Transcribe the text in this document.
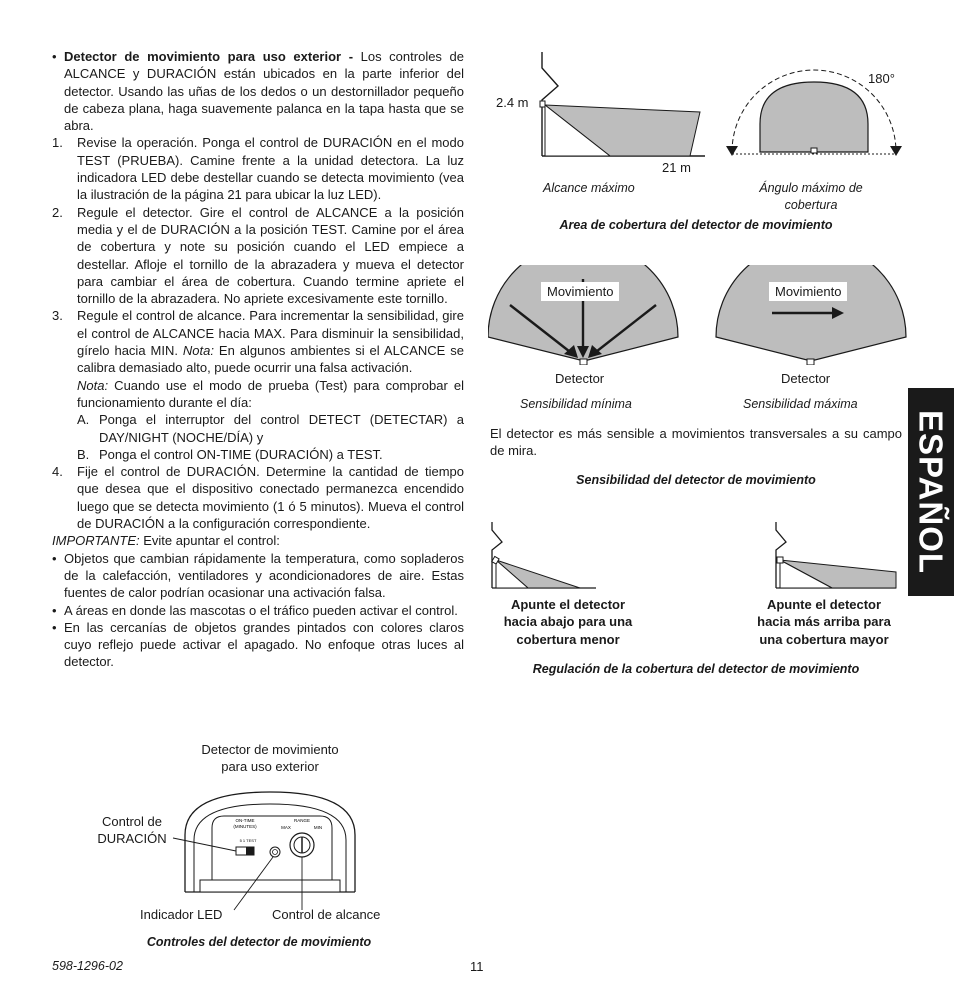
• Detector de movimiento para uso exterior - Los controles de ALCANCE y DURACIÓN están ubicados en la parte inferior del detector. Usando las uñas de los dedos o un destornillador pequeño de cabeza plana, haga suavemente palanca en la tapa hasta que se abra.
1. Revise la operación. Ponga el control de DURACIÓN en el modo TEST (PRUEBA). Camine frente a la unidad detectora. La luz indicadora LED debe destellar cuando se detecta movimiento (vea la ilustración de la página 21 para ubicar la luz LED).
2. Regule el detector. Gire el control de ALCANCE a la posición media y el de DURACIÓN a la posición TEST. Camine por el área de cobertura y note su posición cuando el LED empiece a destellar. Afloje el tornillo de la abrazadera y mueva el detector para cambiar el área de cobertura. Cuando termine apriete el tornillo de la abrazadera. No apriete excesivamente este tornillo.
3. Regule el control de alcance. Para incrementar la sensibilidad, gire el control de ALCANCE hacia MAX. Para disminuir la sensibilidad, gírelo hacia MIN. Nota: En algunos ambientes si el ALCANCE se calibra demasiado alto, puede ocurrir una falsa activación.
Nota: Cuando use el modo de prueba (Test) para comprobar el funcionamiento durante el día:
A. Ponga el interruptor del control DETECT (DETECTAR) a DAY/NIGHT (NOCHE/DÍA) y
B. Ponga el control ON-TIME (DURACIÓN) a TEST.
4. Fije el control de DURACIÓN. Determine la cantidad de tiempo que desea que el dispositivo conectado permanezca encendido luego que se detecta movimiento (1 ó 5 minutos). Mueva el control de DURACIÓN a la configuración correspondiente.
IMPORTANTE: Evite apuntar el control:
• Objetos que cambian rápidamente la temperatura, como sopladeros de la calefacción, ventiladores y acondicionadores de aire. Estas fuentes de calor podrían ocasionar una activación falsa.
• A áreas en donde las mascotas o el tráfico pueden activar el control.
• En las cercanías de objetos grandes pintados con colores claros cuyo reflejo puede activar el apagado. No enfoque otras luces al detector.
Detector de movimiento
para uso exterior
Control de
DURACIÓN
Indicador LED	Control de alcance
ON-TIME
(MINUTES)
5 1 TEST
RANGE
MAX	MIN
Controles del detector de movimiento
2.4 m
21 m
180°
Alcance máximo	Ángulo máximo de
cobertura
Area de cobertura del detector de movimiento
Movimiento	Movimiento
Detector	Detector
Sensibilidad mínima	Sensibilidad máxima
El detector es más sensible a movimientos transversales a su campo de mira.
Sensibilidad del detector de movimiento
Apunte el detector
hacia abajo para una
cobertura menor
Apunte el detector
hacia más arriba para
una cobertura mayor
Regulación de la cobertura del detector de movimiento
ESPAÑOL
598-1296-02	11
